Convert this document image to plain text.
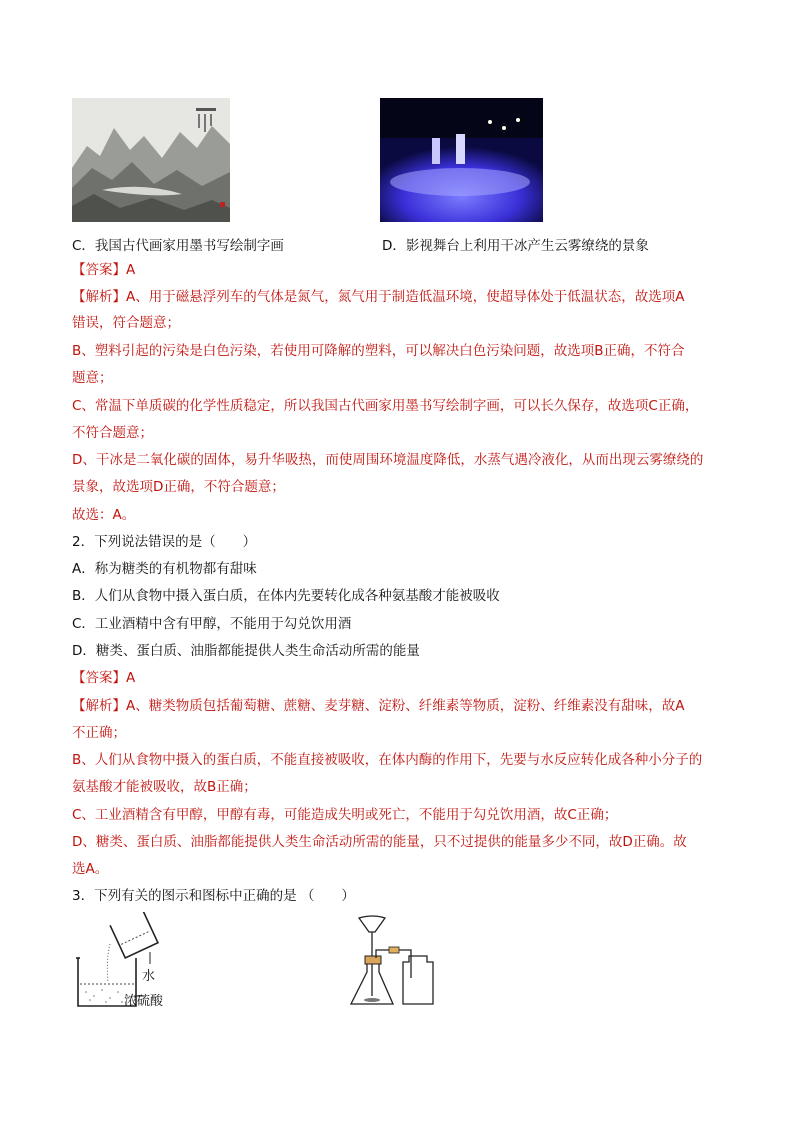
C．我国古代画家用墨书写绘制字画	D．影视舞台上利用干冰产生云雾缭绕的景象
【答案】A
【解析】A、用于磁悬浮列车的气体是氮气，氮气用于制造低温环境，使超导体处于低温状态，故选项A
错误，符合题意；
B、塑料引起的污染是白色污染，若使用可降解的塑料，可以解决白色污染问题，故选项B正确，不符合
题意；
C、常温下单质碳的化学性质稳定，所以我国古代画家用墨书写绘制字画，可以长久保存，故选项C正确，
不符合题意；
D、干冰是二氧化碳的固体，易升华吸热，而使周围环境温度降低，水蒸气遇冷液化，从而出现云雾缭绕的
景象，故选项D正确，不符合题意；
故选：A。
2．下列说法错误的是（　　）
A．称为糖类的有机物都有甜味
B．人们从食物中摄入蛋白质，在体内先要转化成各种氨基酸才能被吸收
C．工业酒精中含有甲醇，不能用于勾兑饮用酒
D．糖类、蛋白质、油脂都能提供人类生命活动所需的能量
【答案】A
【解析】A、糖类物质包括葡萄糖、蔗糖、麦芽糖、淀粉、纤维素等物质，淀粉、纤维素没有甜味，故A
不正确；
B、人们从食物中摄入的蛋白质，不能直接被吸收，在体内酶的作用下，先要与水反应转化成各种小分子的
氨基酸才能被吸收，故B正确；
C、工业酒精含有甲醇，甲醇有毒，可能造成失明或死亡，不能用于勾兑饮用酒，故C正确；
D、糖类、蛋白质、油脂都能提供人类生命活动所需的能量，只不过提供的能量多少不同，故D正确。故
选A。
3．下列有关的图示和图标中正确的是 （　　）
水
浓硫酸
